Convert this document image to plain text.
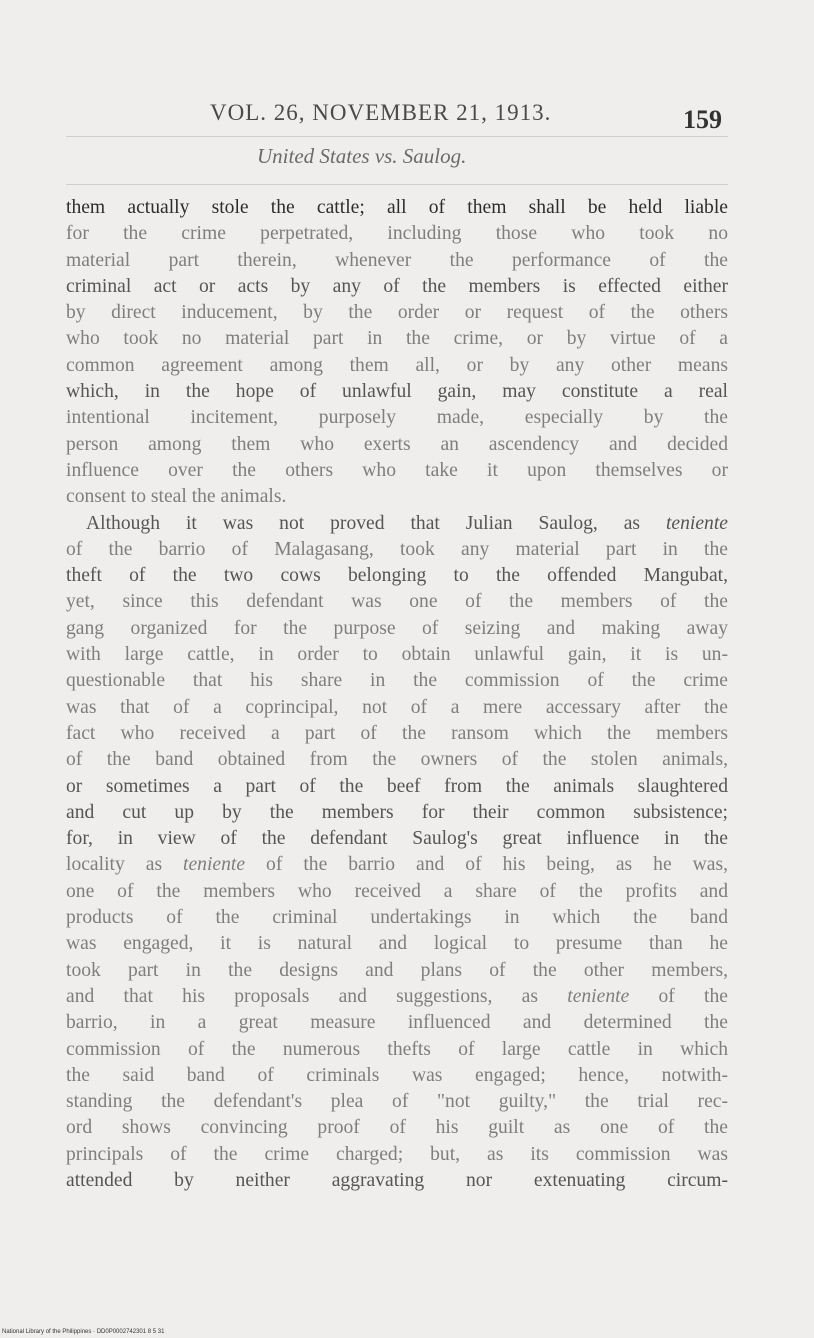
VOL. 26, NOVEMBER 21, 1913.	159
United States vs. Saulog.
them actually stole the cattle; all of them shall be held liable
for the crime perpetrated, including those who took no
material part therein, whenever the performance of the
criminal act or acts by any of the members is effected either
by direct inducement, by the order or request of the others
who took no material part in the crime, or by virtue of a
common agreement among them all, or by any other means
which, in the hope of unlawful gain, may constitute a real
intentional incitement, purposely made, especially by the
person among them who exerts an ascendency and decided
influence over the others who take it upon themselves or
consent to steal the animals.
Although it was not proved that Julian Saulog, as teniente
of the barrio of Malagasang, took any material part in the
theft of the two cows belonging to the offended Mangubat,
yet, since this defendant was one of the members of the
gang organized for the purpose of seizing and making away
with large cattle, in order to obtain unlawful gain, it is un-
questionable that his share in the commission of the crime
was that of a coprincipal, not of a mere accessary after the
fact who received a part of the ransom which the members
of the band obtained from the owners of the stolen animals,
or sometimes a part of the beef from the animals slaughtered
and cut up by the members for their common subsistence;
for, in view of the defendant Saulog's great influence in the
locality as teniente of the barrio and of his being, as he was,
one of the members who received a share of the profits and
products of the criminal undertakings in which the band
was engaged, it is natural and logical to presume than he
took part in the designs and plans of the other members,
and that his proposals and suggestions, as teniente of the
barrio, in a great measure influenced and determined the
commission of the numerous thefts of large cattle in which
the said band of criminals was engaged; hence, notwith-
standing the defendant's plea of "not guilty," the trial rec-
ord shows convincing proof of his guilt as one of the
principals of the crime charged; but, as its commission was
attended by neither aggravating nor extenuating circum-
National Library of the Philippines · DD0P0002742301 8 5 31
